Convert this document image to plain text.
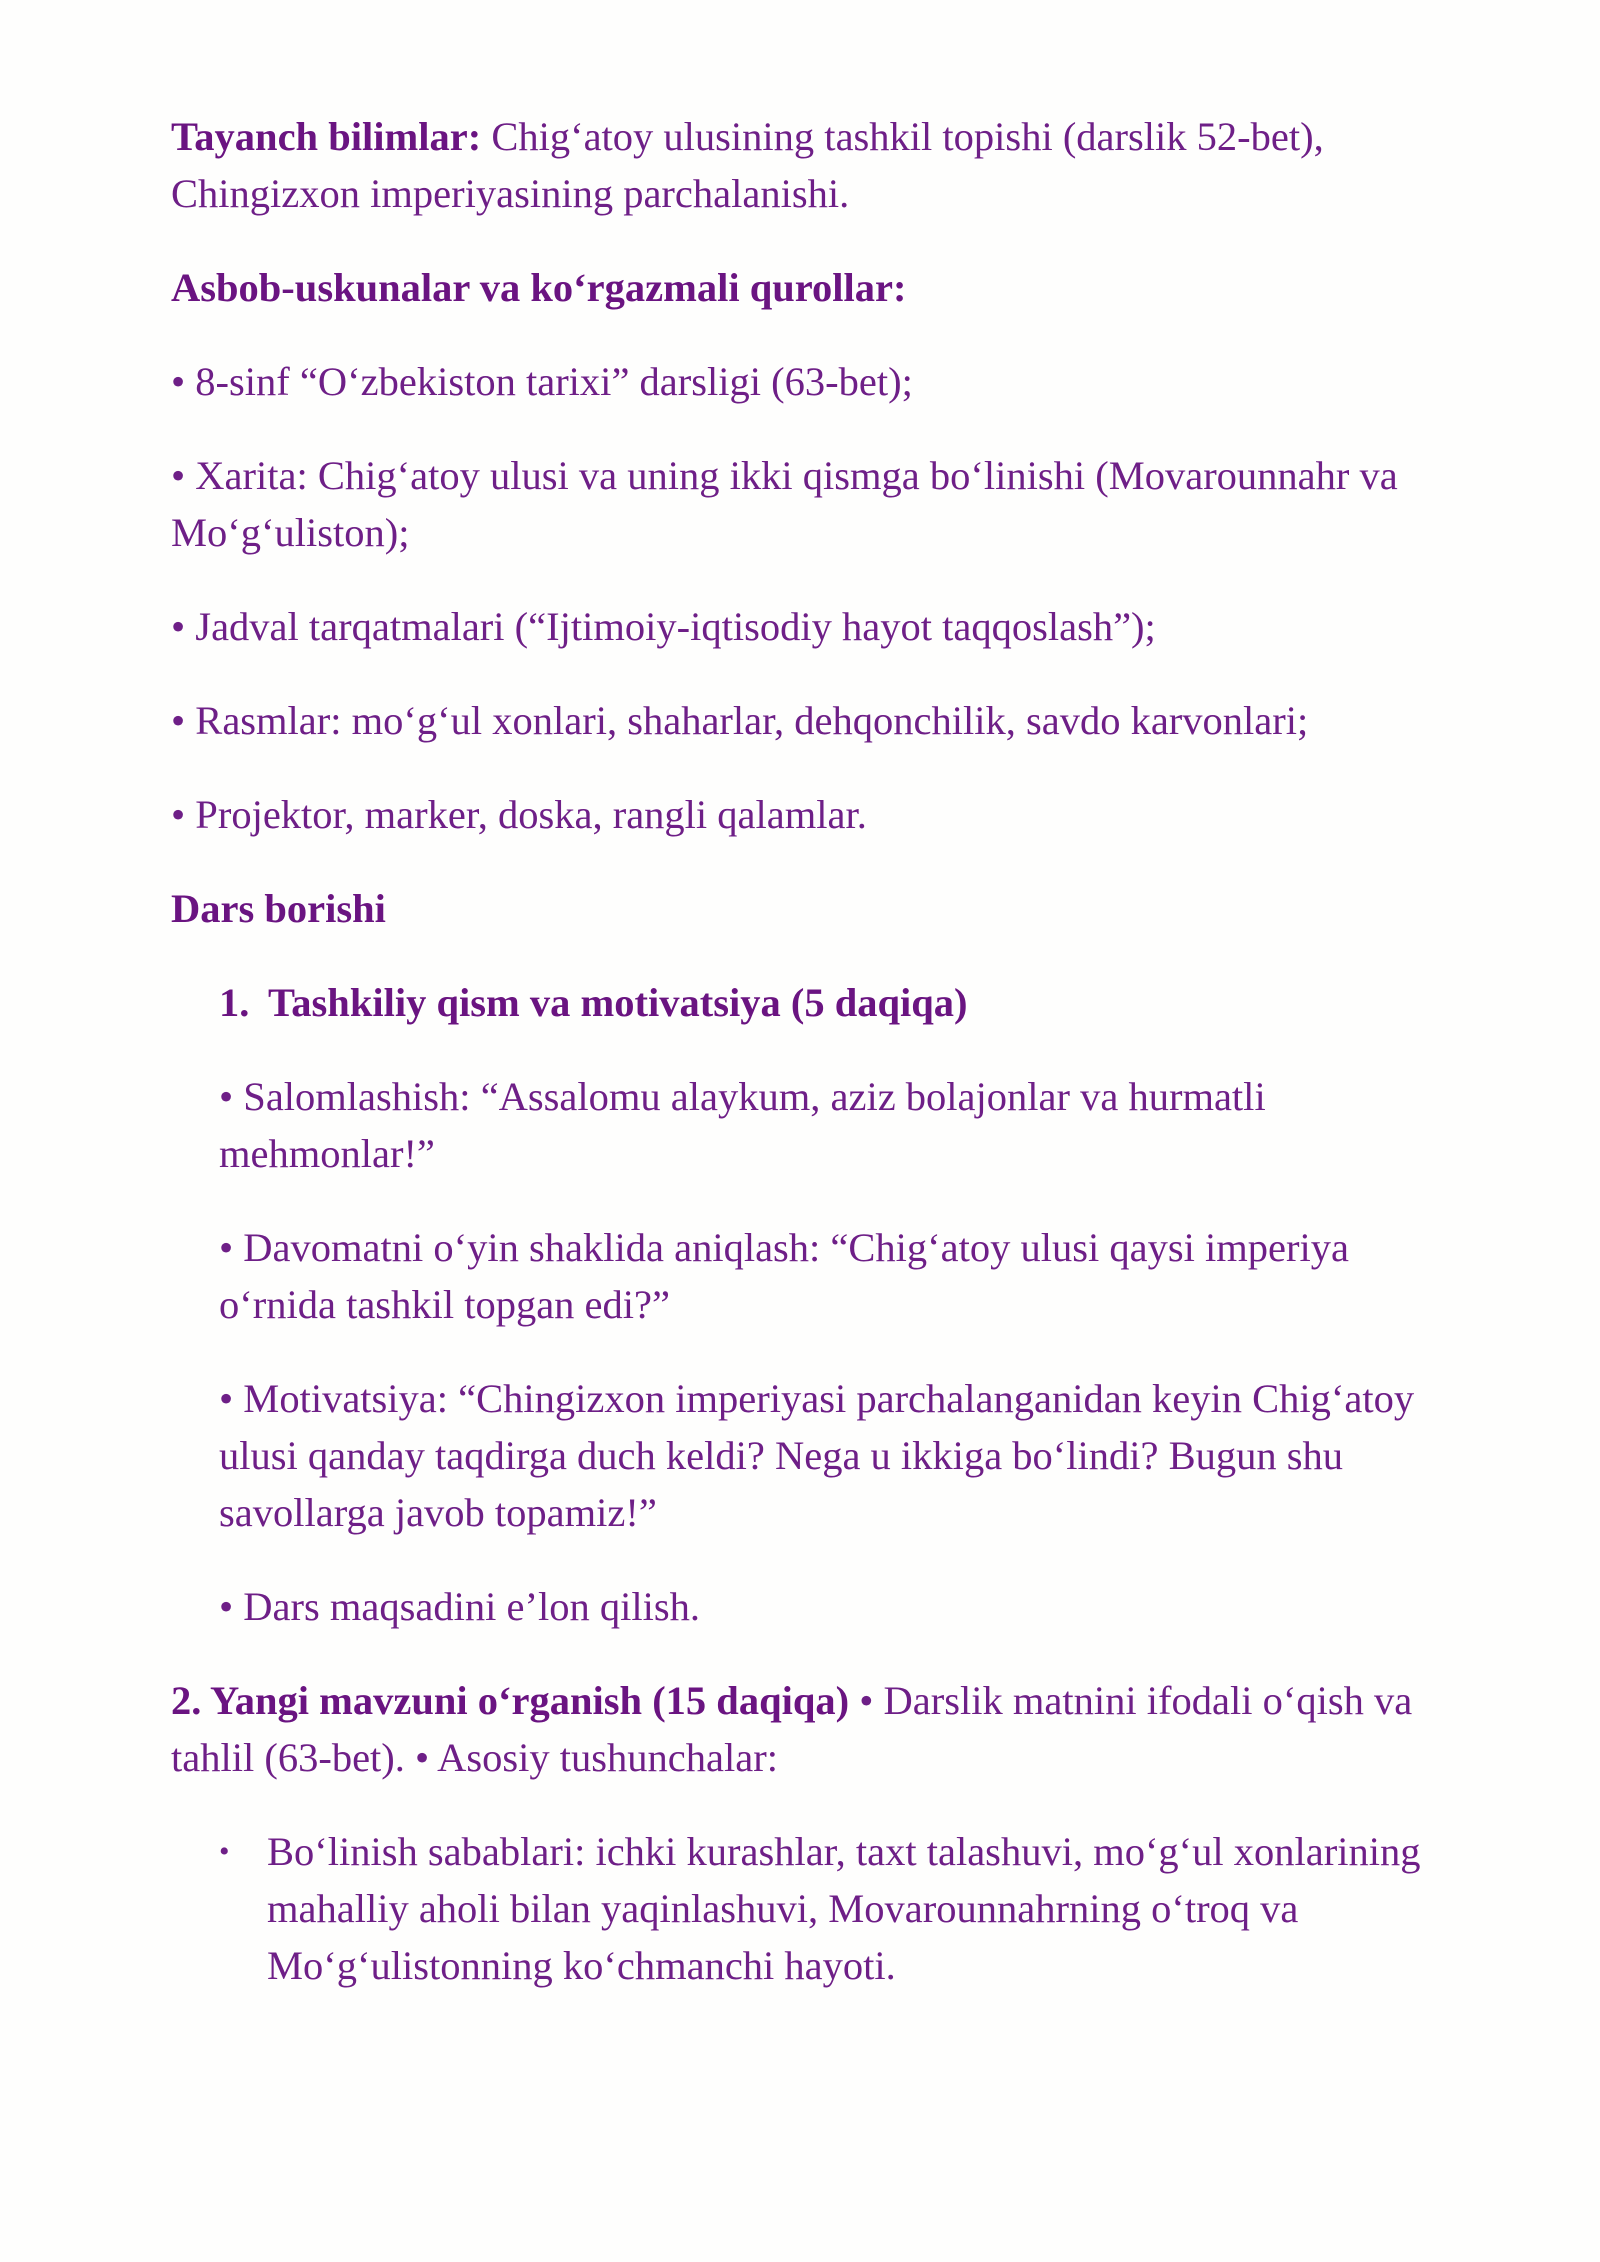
Tayanch bilimlar: Chig‘atoy ulusining tashkil topishi (darslik 52-bet), Chingizxon imperiyasining parchalanishi.

Asbob-uskunalar va ko‘rgazmali qurollar:

• 8-sinf “O‘zbekiston tarixi” darsligi (63-bet);

• Xarita: Chig‘atoy ulusi va uning ikki qismga bo‘linishi (Movarounnahr va Mo‘g‘uliston);

• Jadval tarqatmalari (“Ijtimoiy-iqtisodiy hayot taqqoslash”);

• Rasmlar: mo‘g‘ul xonlari, shaharlar, dehqonchilik, savdo karvonlari;

• Projektor, marker, doska, rangli qalamlar.

Dars borishi

1. Tashkiliy qism va motivatsiya (5 daqiqa)

• Salomlashish: “Assalomu alaykum, aziz bolajonlar va hurmatli mehmonlar!”

• Davomatni o‘yin shaklida aniqlash: “Chig‘atoy ulusi qaysi imperiya o‘rnida tashkil topgan edi?”

• Motivatsiya: “Chingizxon imperiyasi parchalanganidan keyin Chig‘atoy ulusi qanday taqdirga duch keldi? Nega u ikkiga bo‘lindi? Bugun shu savollarga javob topamiz!”

• Dars maqsadini e’lon qilish.

2. Yangi mavzuni o‘rganish (15 daqiqa) • Darslik matnini ifodali o‘qish va tahlil (63-bet). • Asosiy tushunchalar:

• Bo‘linish sabablari: ichki kurashlar, taxt talashuvi, mo‘g‘ul xonlarining mahalliy aholi bilan yaqinlashuvi, Movarounnahrning o‘troq va Mo‘g‘ulistonning ko‘chmanchi hayoti.
